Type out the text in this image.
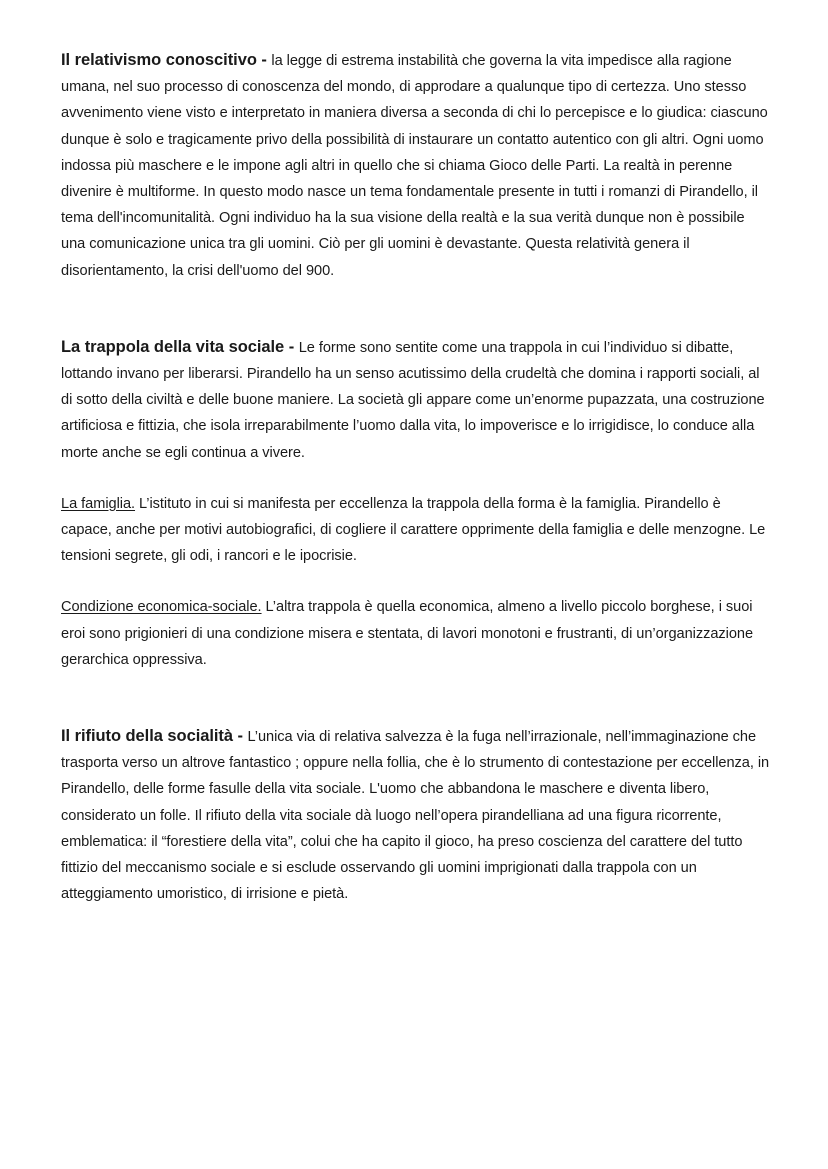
Il relativismo conoscitivo - la legge di estrema instabilità che governa la vita impedisce alla ragione umana, nel suo processo di conoscenza del mondo, di approdare a qualunque tipo di certezza. Uno stesso avvenimento viene visto e interpretato in maniera diversa a seconda di chi lo percepisce e lo giudica: ciascuno dunque è solo e tragicamente privo della possibilità di instaurare un contatto autentico con gli altri. Ogni uomo indossa più maschere e le impone agli altri in quello che si chiama Gioco delle Parti. La realtà in perenne divenire è multiforme. In questo modo nasce un tema fondamentale presente in tutti i romanzi di Pirandello, il tema dell'incomunitalità. Ogni individuo ha la sua visione della realtà e la sua verità dunque non è possibile una comunicazione unica tra gli uomini. Ciò per gli uomini è devastante. Questa relatività genera il disorientamento, la crisi dell'uomo del 900.

La trappola della vita sociale - Le forme sono sentite come una trappola in cui l’individuo si dibatte, lottando invano per liberarsi. Pirandello ha un senso acutissimo della crudeltà che domina i rapporti sociali, al di sotto della civiltà e delle buone maniere. La società gli appare come un’enorme pupazzata, una costruzione artificiosa e fittizia, che isola irreparabilmente l’uomo dalla vita, lo impoverisce e lo irrigidisce, lo conduce alla morte anche se egli continua a vivere.

La famiglia. L’istituto in cui si manifesta per eccellenza la trappola della forma è la famiglia. Pirandello è capace, anche per motivi autobiografici, di cogliere il carattere opprimente della famiglia e delle menzogne. Le tensioni segrete, gli odi, i rancori e le ipocrisie.

Condizione economica-sociale. L’altra trappola è quella economica, almeno a livello piccolo borghese, i suoi eroi sono prigionieri di una condizione misera e stentata, di lavori monotoni e frustranti, di un’organizzazione gerarchica oppressiva.

Il rifiuto della socialità - L’unica via di relativa salvezza è la fuga nell’irrazionale, nell’immaginazione che trasporta verso un altrove fantastico ; oppure nella follia, che è lo strumento di contestazione per eccellenza, in Pirandello, delle forme fasulle della vita sociale. L'uomo che abbandona le maschere e diventa libero, considerato un folle. Il rifiuto della vita sociale dà luogo nell’opera pirandelliana ad una figura ricorrente, emblematica: il “forestiere della vita”, colui che ha capito il gioco, ha preso coscienza del carattere del tutto fittizio del meccanismo sociale e si esclude osservando gli uomini imprigionati dalla trappola con un atteggiamento umoristico, di irrisione e pietà.
